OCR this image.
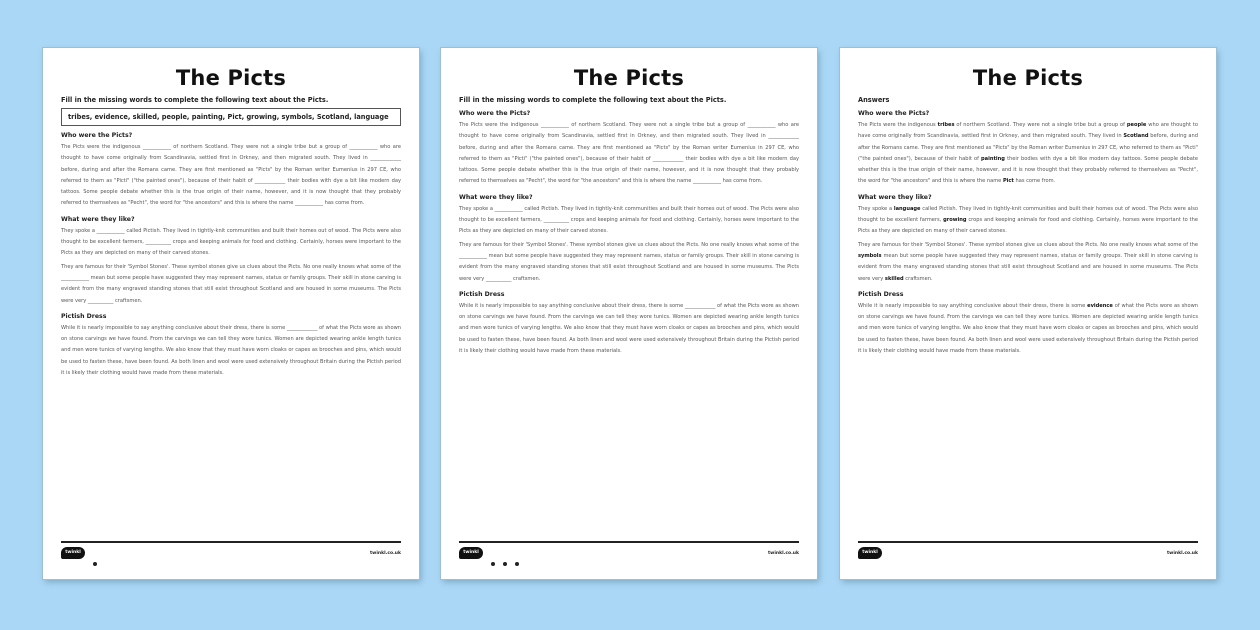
The Picts
Fill in the missing words to complete the following text about the Picts.
tribes, evidence, skilled, people, painting, Pict, growing, symbols, Scotland, language
Who were the Picts?
The Picts were the indigenous ___________ of northern Scotland. They were not a single tribe but a group of ___________ who are thought to have come originally from Scandinavia, settled first in Orkney, and then migrated south. They lived in ____________ before, during and after the Romans came. They are first mentioned as "Picts" by the Roman writer Eumenius in 297 CE, who referred to them as "Picti" ("the painted ones"), because of their habit of ____________ their bodies with dye a bit like modern day tattoos. Some people debate whether this is the true origin of their name, however, and it is now thought that they probably referred to themselves as "Pecht", the word for "the ancestors" and this is where the name ___________ has come from.
What were they like?
They spoke a ___________ called Pictish. They lived in tightly-knit communities and built their homes out of wood. The Picts were also thought to be excellent farmers, __________ crops and keeping animals for food and clothing. Certainly, horses were important to the Picts as they are depicted on many of their carved stones.
They are famous for their 'Symbol Stones'. These symbol stones give us clues about the Picts. No one really knows what some of the ___________ mean but some people have suggested they may represent names, status or family groups. Their skill in stone carving is evident from the many engraved standing stones that still exist throughout Scotland and are housed in some museums. The Picts were very __________ craftsmen.
Pictish Dress
While it is nearly impossible to say anything conclusive about their dress, there is some ____________ of what the Picts wore as shown on stone carvings we have found. From the carvings we can tell they wore tunics. Women are depicted wearing ankle length tunics and men wore tunics of varying lengths. We also know that they must have worn cloaks or capes as brooches and pins, which would be used to fasten these, have been found. As both linen and wool were used extensively throughout Britain during the Pictish period it is likely their clothing would have made from these materials.
twinkl	twinkl.co.uk
The Picts
Fill in the missing words to complete the following text about the Picts.
Who were the Picts?
The Picts were the indigenous ___________ of northern Scotland. They were not a single tribe but a group of ___________ who are thought to have come originally from Scandinavia, settled first in Orkney, and then migrated south. They lived in ____________ before, during and after the Romans came. They are first mentioned as "Picts" by the Roman writer Eumenius in 297 CE, who referred to them as "Picti" ("the painted ones"), because of their habit of ____________ their bodies with dye a bit like modern day tattoos. Some people debate whether this is the true origin of their name, however, and it is now thought that they probably referred to themselves as "Pecht", the word for "the ancestors" and this is where the name ___________ has come from.
What were they like?
They spoke a ___________ called Pictish. They lived in tightly-knit communities and built their homes out of wood. The Picts were also thought to be excellent farmers, __________ crops and keeping animals for food and clothing. Certainly, horses were important to the Picts as they are depicted on many of their carved stones.
They are famous for their 'Symbol Stones'. These symbol stones give us clues about the Picts. No one really knows what some of the ___________ mean but some people have suggested they may represent names, status or family groups. Their skill in stone carving is evident from the many engraved standing stones that still exist throughout Scotland and are housed in some museums. The Picts were very __________ craftsmen.
Pictish Dress
While it is nearly impossible to say anything conclusive about their dress, there is some ____________ of what the Picts wore as shown on stone carvings we have found. From the carvings we can tell they wore tunics. Women are depicted wearing ankle length tunics and men wore tunics of varying lengths. We also know that they must have worn cloaks or capes as brooches and pins, which would be used to fasten these, have been found. As both linen and wool were used extensively throughout Britain during the Pictish period it is likely their clothing would have made from these materials.
twinkl
	twinkl.co.uk
The Picts
Answers
Who were the Picts?
The Picts were the indigenous tribes of northern Scotland. They were not a single tribe but a group of people who are thought to have come originally from Scandinavia, settled first in Orkney, and then migrated south. They lived in Scotland before, during and after the Romans came. They are first mentioned as "Picts" by the Roman writer Eumenius in 297 CE, who referred to them as "Picti" ("the painted ones"), because of their habit of painting their bodies with dye a bit like modern day tattoos. Some people debate whether this is the true origin of their name, however, and it is now thought that they probably referred to themselves as "Pecht", the word for "the ancestors" and this is where the name Pict has come from.
What were they like?
They spoke a language called Pictish. They lived in tightly-knit communities and built their homes out of wood. The Picts were also thought to be excellent farmers, growing crops and keeping animals for food and clothing. Certainly, horses were important to the Picts as they are depicted on many of their carved stones.
They are famous for their 'Symbol Stones'. These symbol stones give us clues about the Picts. No one really knows what some of the symbols mean but some people have suggested they may represent names, status or family groups. Their skill in stone carving is evident from the many engraved standing stones that still exist throughout Scotland and are housed in some museums. The Picts were very skilled craftsmen.
Pictish Dress
While it is nearly impossible to say anything conclusive about their dress, there is some evidence of what the Picts wore as shown on stone carvings we have found. From the carvings we can tell they wore tunics. Women are depicted wearing ankle length tunics and men wore tunics of varying lengths. We also know that they must have worn cloaks or capes as brooches and pins, which would be used to fasten these, have been found. As both linen and wool were used extensively throughout Britain during the Pictish period it is likely their clothing would have made from these materials.
twinkl	twinkl.co.uk
